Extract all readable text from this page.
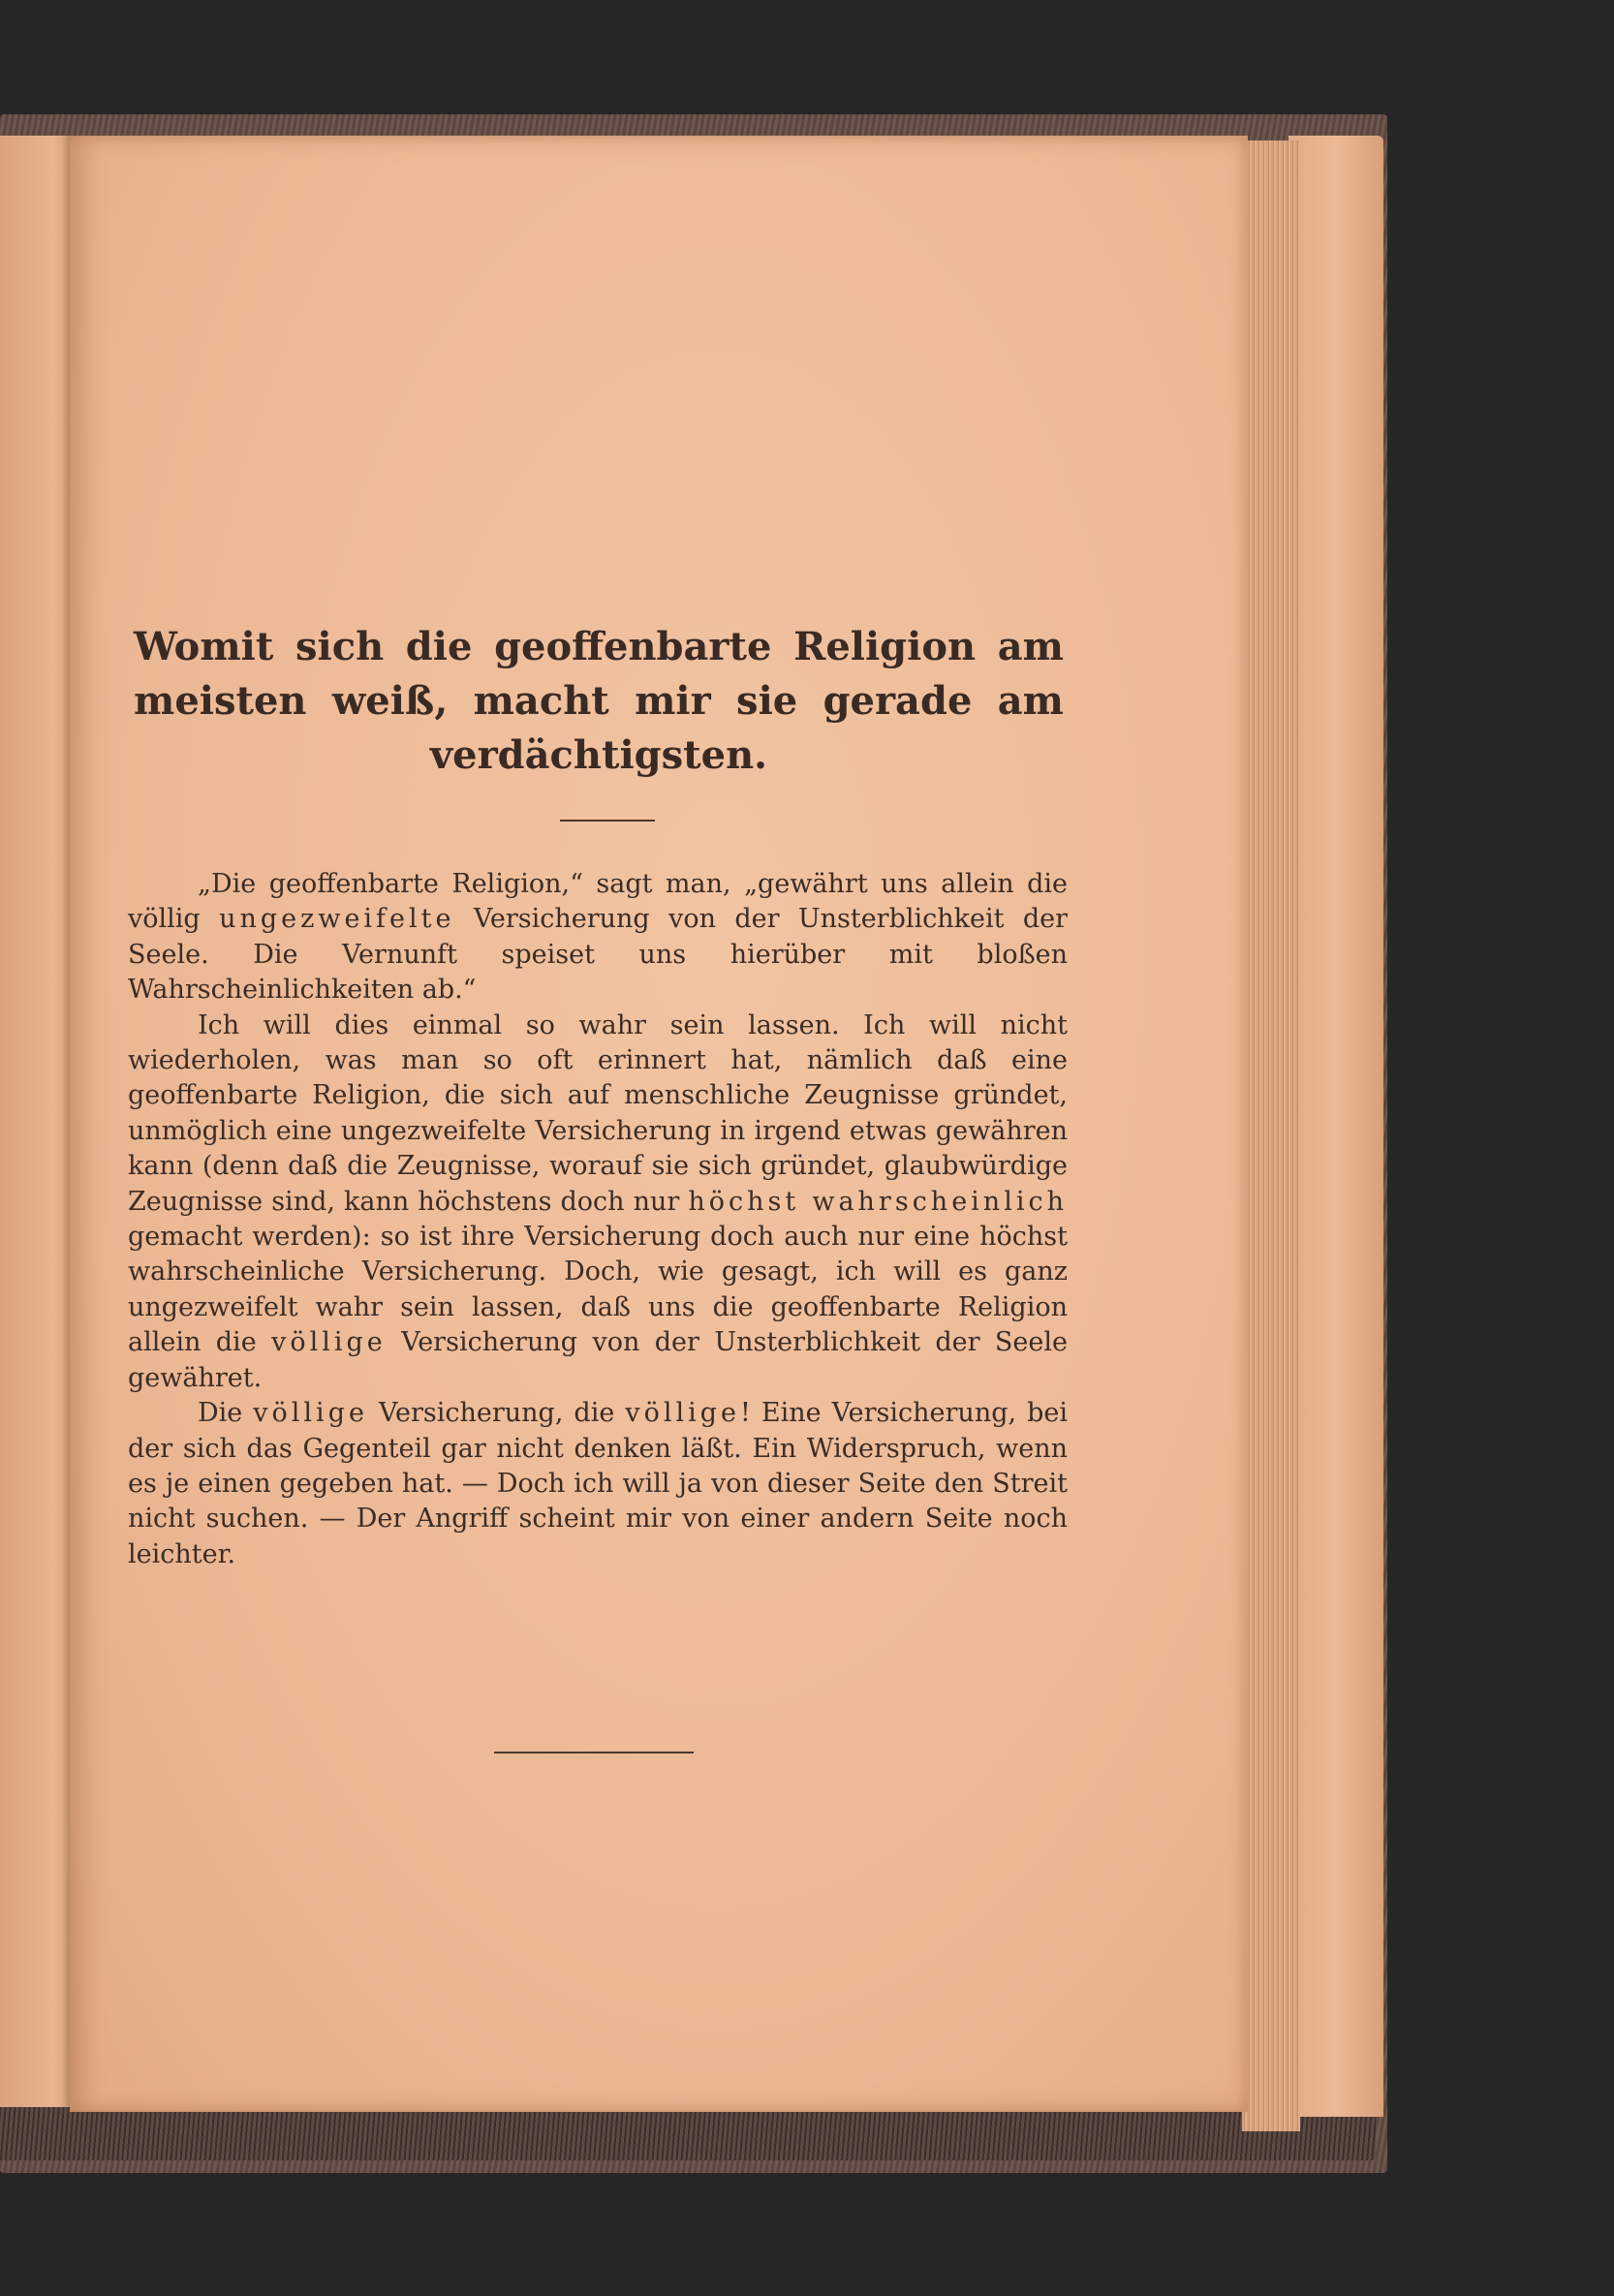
Womit sich die geoffenbarte Religion am meisten weiß, macht mir sie gerade am verdächtigsten.

„Die geoffenbarte Religion,“ sagt man, „gewährt uns allein die völlig ungezweifelte Versicherung von der Unsterblichkeit der Seele. Die Vernunft speiset uns hierüber mit bloßen Wahrscheinlichkeiten ab.“

Ich will dies einmal so wahr sein lassen. Ich will nicht wiederholen, was man so oft erinnert hat, nämlich daß eine geoffenbarte Religion, die sich auf menschliche Zeugnisse gründet, unmöglich eine ungezweifelte Versicherung in irgend etwas gewähren kann (denn daß die Zeugnisse, worauf sie sich gründet, glaubwürdige Zeugnisse sind, kann höchstens doch nur höchst wahrscheinlich gemacht werden): so ist ihre Versicherung doch auch nur eine höchst wahrscheinliche Versicherung. Doch, wie gesagt, ich will es ganz ungezweifelt wahr sein lassen, daß uns die geoffenbarte Religion allein die völlige Versicherung von der Unsterblichkeit der Seele gewähret.

Die völlige Versicherung, die völlige! Eine Versicherung, bei der sich das Gegenteil gar nicht denken läßt. Ein Widerspruch, wenn es je einen gegeben hat. — Doch ich will ja von dieser Seite den Streit nicht suchen. — Der Angriff scheint mir von einer andern Seite noch leichter.
